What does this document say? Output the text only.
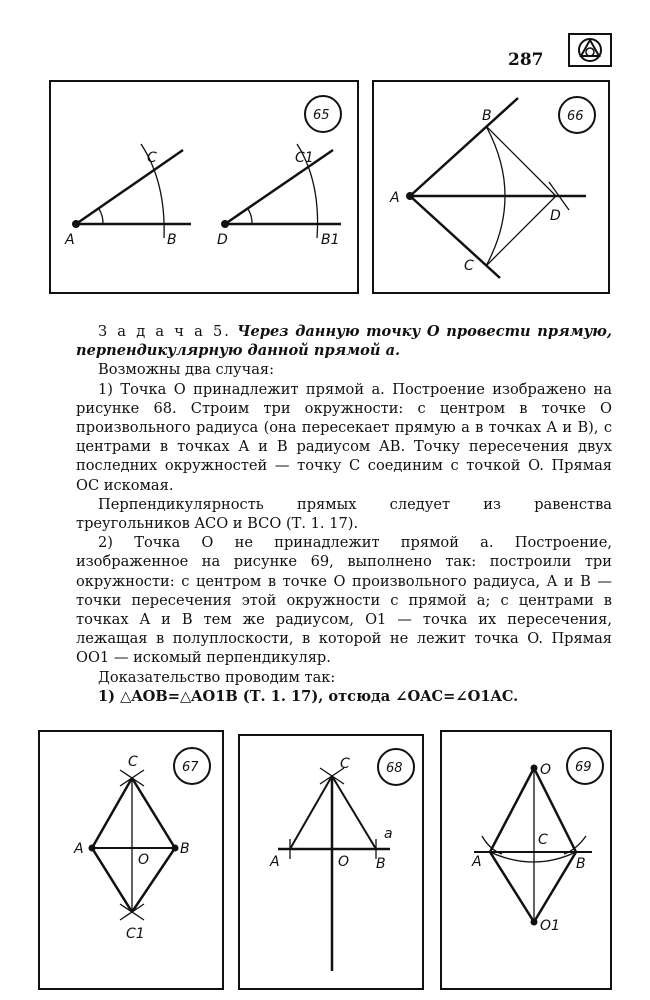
287
65
A	B
C
D	B1
C1
66
A
B
C
D

З а д а ч а 5. Через данную точку O провести прямую, перпендикулярную данной прямой a.

Возможны два случая:

1) Точка O принадлежит прямой a. Построение изображено на рисунке 68. Строим три окружности: с центром в точке O произвольного радиуса (она пересекает прямую a в точках A и B), с центрами в точках A и B радиусом AB. Точку пересечения двух последних окружностей — точку C соединим с точкой O. Прямая OC искомая.

Перпендикулярность прямых следует из равенства треугольников ACO и BCO (Т. 1. 17).

2) Точка O не принадлежит прямой a. Построение, изображенное на рисунке 69, выполнено так: построили три окружности: с центром в точке O произвольного радиуса, A и B — точки пересечения этой окружности с прямой a; с центрами в точках A и B тем же радиусом, O1 — точка их пересечения, лежащая в полуплоскости, в которой не лежит точка O. Прямая OO1 — искомый перпендикуляр.

Доказательство проводим так:

1) △AOB=△AO1B (Т. 1. 17), отсюда ∠OAC=∠O1AC.

67
A	B
C
O
C1
68
A	B
C
O
a
69
A	B
C
O
O1
